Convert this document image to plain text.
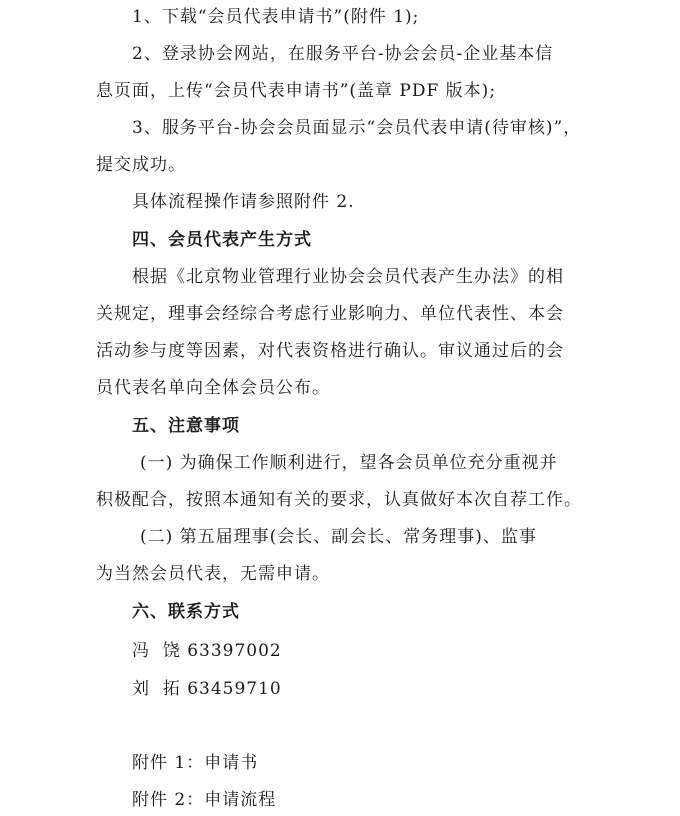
1、下载“会员代表申请书”(附件 1);
2、登录协会网站，在服务平台-协会会员-企业基本信
息页面，上传“会员代表申请书”(盖章 PDF 版本);
3、服务平台-协会会员面显示“会员代表申请(待审核)”，
提交成功。
具体流程操作请参照附件 2.
四、会员代表产生方式
根据《北京物业管理行业协会会员代表产生办法》的相
关规定，理事会经综合考虑行业影响力、单位代表性、本会
活动参与度等因素，对代表资格进行确认。审议通过后的会
员代表名单向全体会员公布。
五、注意事项
(一) 为确保工作顺利进行，望各会员单位充分重视并
积极配合，按照本通知有关的要求，认真做好本次自荐工作。
(二) 第五届理事(会长、副会长、常务理事)、监事
为当然会员代表，无需申请。
六、联系方式
冯  饶 63397002
刘  拓 63459710
附件 1：申请书
附件 2：申请流程
